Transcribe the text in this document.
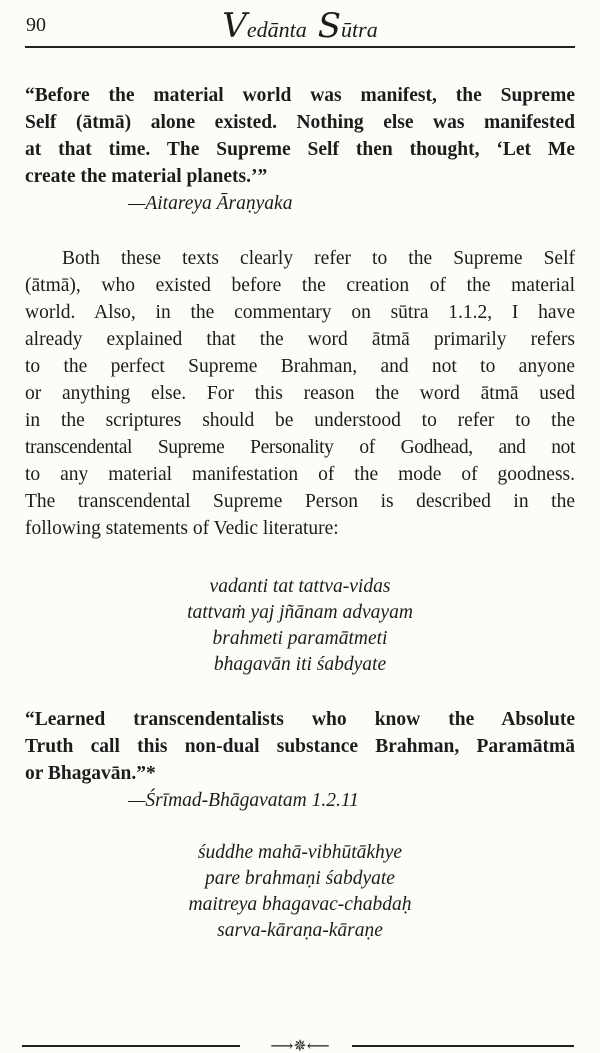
90	Vedānta Sūtra
“Before the material world was manifest, the Supreme
Self (ātmā) alone existed. Nothing else was manifested
at that time. The Supreme Self then thought, ‘Let Me
create the material planets.’”
—Aitareya Āraṇyaka
Both these texts clearly refer to the Supreme Self
(ātmā), who existed before the creation of the material
world. Also, in the commentary on sūtra 1.1.2, I have
already explained that the word ātmā primarily refers
to the perfect Supreme Brahman, and not to anyone
or anything else. For this reason the word ātmā used
in the scriptures should be understood to refer to the
transcendental Supreme Personality of Godhead, and not
to any material manifestation of the mode of goodness.
The transcendental Supreme Person is described in the
following statements of Vedic literature:
vadanti tat tattva-vidas
tattvaṁ yaj jñānam advayam
brahmeti paramātmeti
bhagavān iti śabdyate
“Learned transcendentalists who know the Absolute
Truth call this non-dual substance Brahman, Paramātmā
or Bhagavān.”*
—Śrīmad-Bhāgavatam 1.2.11
śuddhe mahā-vibhūtākhye
pare brahmaṇi śabdyate
maitreya bhagavac-chabdaḥ
sarva-kāraṇa-kāraṇe
⟶✵⟵
